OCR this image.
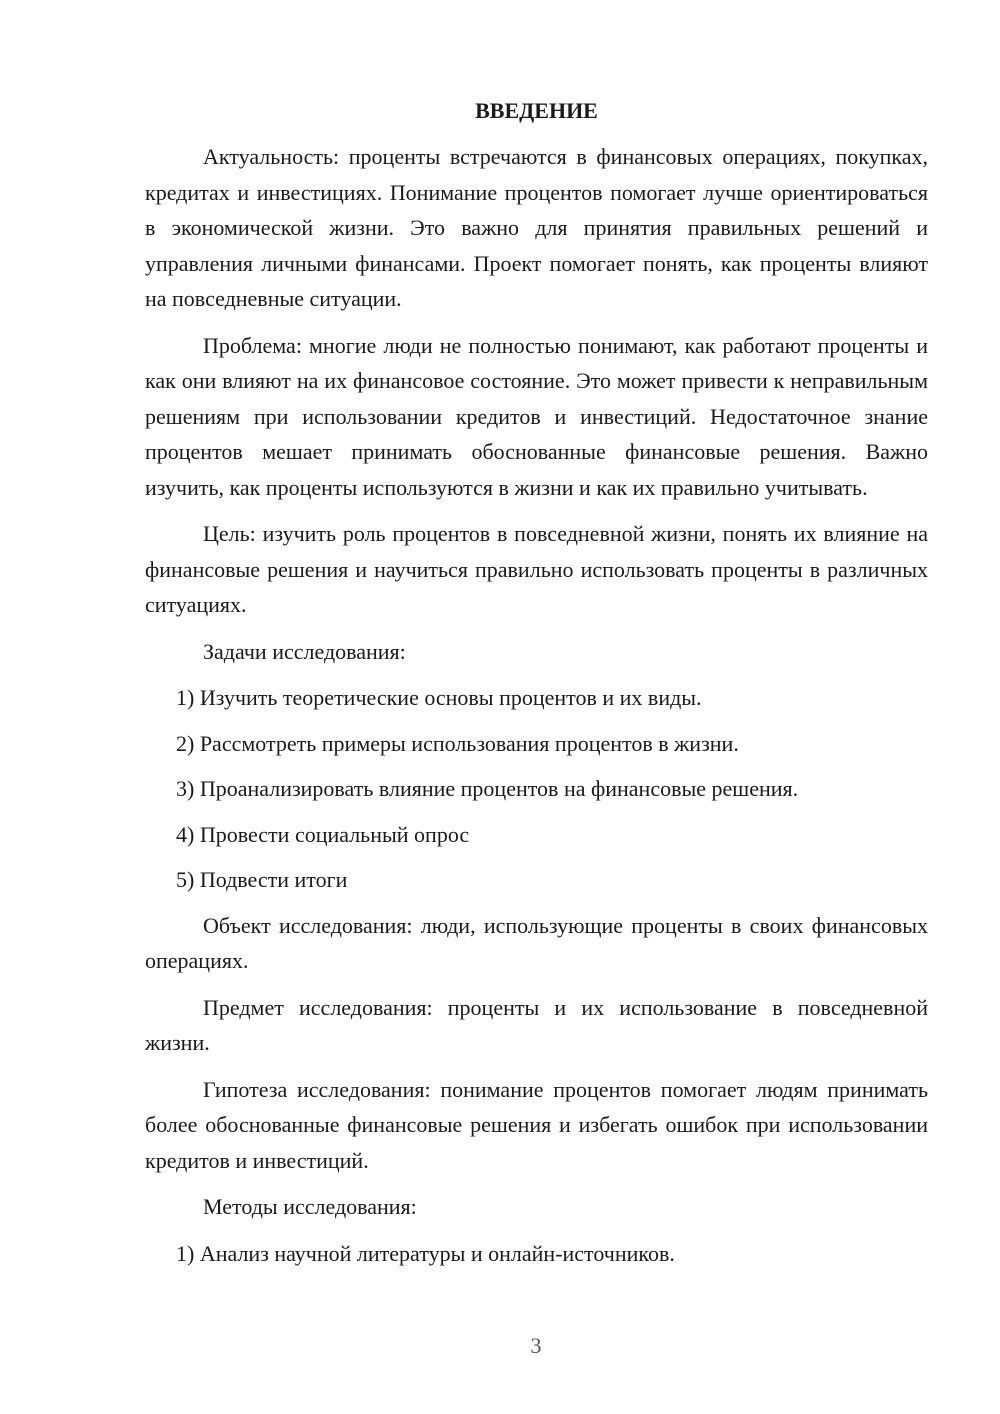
ВВЕДЕНИЕ

Актуальность: проценты встречаются в финансовых операциях, покупках, кредитах и инвестициях. Понимание процентов помогает лучше ориентироваться в экономической жизни. Это важно для принятия правильных решений и управления личными финансами. Проект помогает понять, как проценты влияют на повседневные ситуации.

Проблема: многие люди не полностью понимают, как работают проценты и как они влияют на их финансовое состояние. Это может привести к неправильным решениям при использовании кредитов и инвестиций. Недостаточное знание процентов мешает принимать обоснованные финансовые решения. Важно изучить, как проценты используются в жизни и как их правильно учитывать.

Цель: изучить роль процентов в повседневной жизни, понять их влияние на финансовые решения и научиться правильно использовать проценты в различных ситуациях.

Задачи исследования:

1) Изучить теоретические основы процентов и их виды.

2) Рассмотреть примеры использования процентов в жизни.

3) Проанализировать влияние процентов на финансовые решения.

4) Провести социальный опрос

5) Подвести итоги

Объект исследования: люди, использующие проценты в своих финансовых операциях.

Предмет исследования: проценты и их использование в повседневной жизни.

Гипотеза исследования: понимание процентов помогает людям принимать более обоснованные финансовые решения и избегать ошибок при использовании кредитов и инвестиций.

Методы исследования:

1) Анализ научной литературы и онлайн-источников.

3
